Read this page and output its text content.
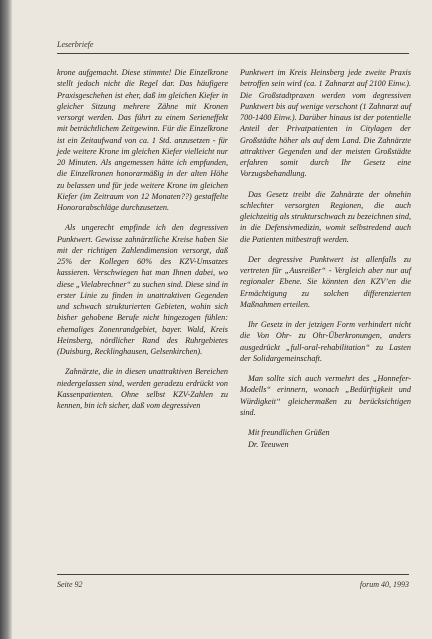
Leserbriefe

krone aufgemacht. Diese stimmte! Die Einzelkrone stellt jedoch nicht die Regel dar. Das häufigere Praxisgeschehen ist eher, daß im gleichen Kiefer in gleicher Sitzung mehrere Zähne mit Kronen versorgt werden. Das führt zu einem Serieneffekt mit beträchtlichem Zeitgewinn. Für die Einzelkrone ist ein Zeitaufwand von ca. 1 Std. anzusetzen - für jede weitere Krone im gleichen Kiefer vielleicht nur 20 Minuten. Als angemessen hätte ich empfunden, die Einzelkronen honorarmäßig in der alten Höhe zu belassen und für jede weitere Krone im gleichen Kiefer (im Zeitraum von 12 Monaten??) gestaffelte Honorarabschläge durchzusetzen.

Als ungerecht empfinde ich den degressiven Punktwert. Gewisse zahnärztliche Kreise haben Sie mit der richtigen Zahlendimension versorgt, daß 25% der Kollegen 60% des KZV-Umsatzes kassieren. Verschwiegen hat man Ihnen dabei, wo diese „Vielabrechner“ zu suchen sind. Diese sind in erster Linie zu finden in unattraktiven Gegenden und schwach strukturierten Gebieten, wohin sich bisher gehobene Berufe nicht hingezogen fühlen: ehemaliges Zonenrandgebiet, bayer. Wald, Kreis Heinsberg, nördlicher Rand des Ruhrgebietes (Duisburg, Recklinghausen, Gelsenkirchen).

Zahnärzte, die in diesen unattraktiven Bereichen niedergelassen sind, werden geradezu erdrückt von Kassenpatienten. Ohne selbst KZV-Zahlen zu kennen, bin ich sicher, daß vom degressiven

Punktwert im Kreis Heinsberg jede zweite Praxis betroffen sein wird (ca. 1 Zahnarzt auf 2100 Einw.). Die Großstadtpraxen werden vom degressiven Punktwert bis auf wenige verschont (1 Zahnarzt auf 700-1400 Einw.). Darüber hinaus ist der potentielle Anteil der Privatpatienten in Citylagen der Großstädte höher als auf dem Land. Die Zahnärzte attraktiver Gegenden und der meisten Großstädte erfahren somit durch Ihr Gesetz eine Vorzugsbehandlung.

Das Gesetz treibt die Zahnärzte der ohnehin schlechter versorgten Regionen, die auch gleichzeitig als strukturschwach zu bezeichnen sind, in die Defensivmedizin, womit selbstredend auch die Patienten mitbestraft werden.

Der degressive Punktwert ist allenfalls zu vertreten für „Ausreißer“ - Vergleich aber nur auf regionaler Ebene. Sie könnten den KZV’en die Ermächtigung zu solchen differenzierten Maßnahmen erteilen.

Ihr Gesetz in der jetzigen Form verhindert nicht die Von Ohr- zu Ohr-Überkronungen, anders ausgedrückt „full-oral-rehabilitation“ zu Lasten der Solidargemeinschaft.

Man sollte sich auch vermehrt des „Honnefer-Modells“ erinnern, wonach „Bedürftigkeit und Würdigkeit“ gleichermaßen zu berücksichtigen sind.

Mit freundlichen Grüßen
Dr. Teeuwen
Seite 92	forum 40, 1993
